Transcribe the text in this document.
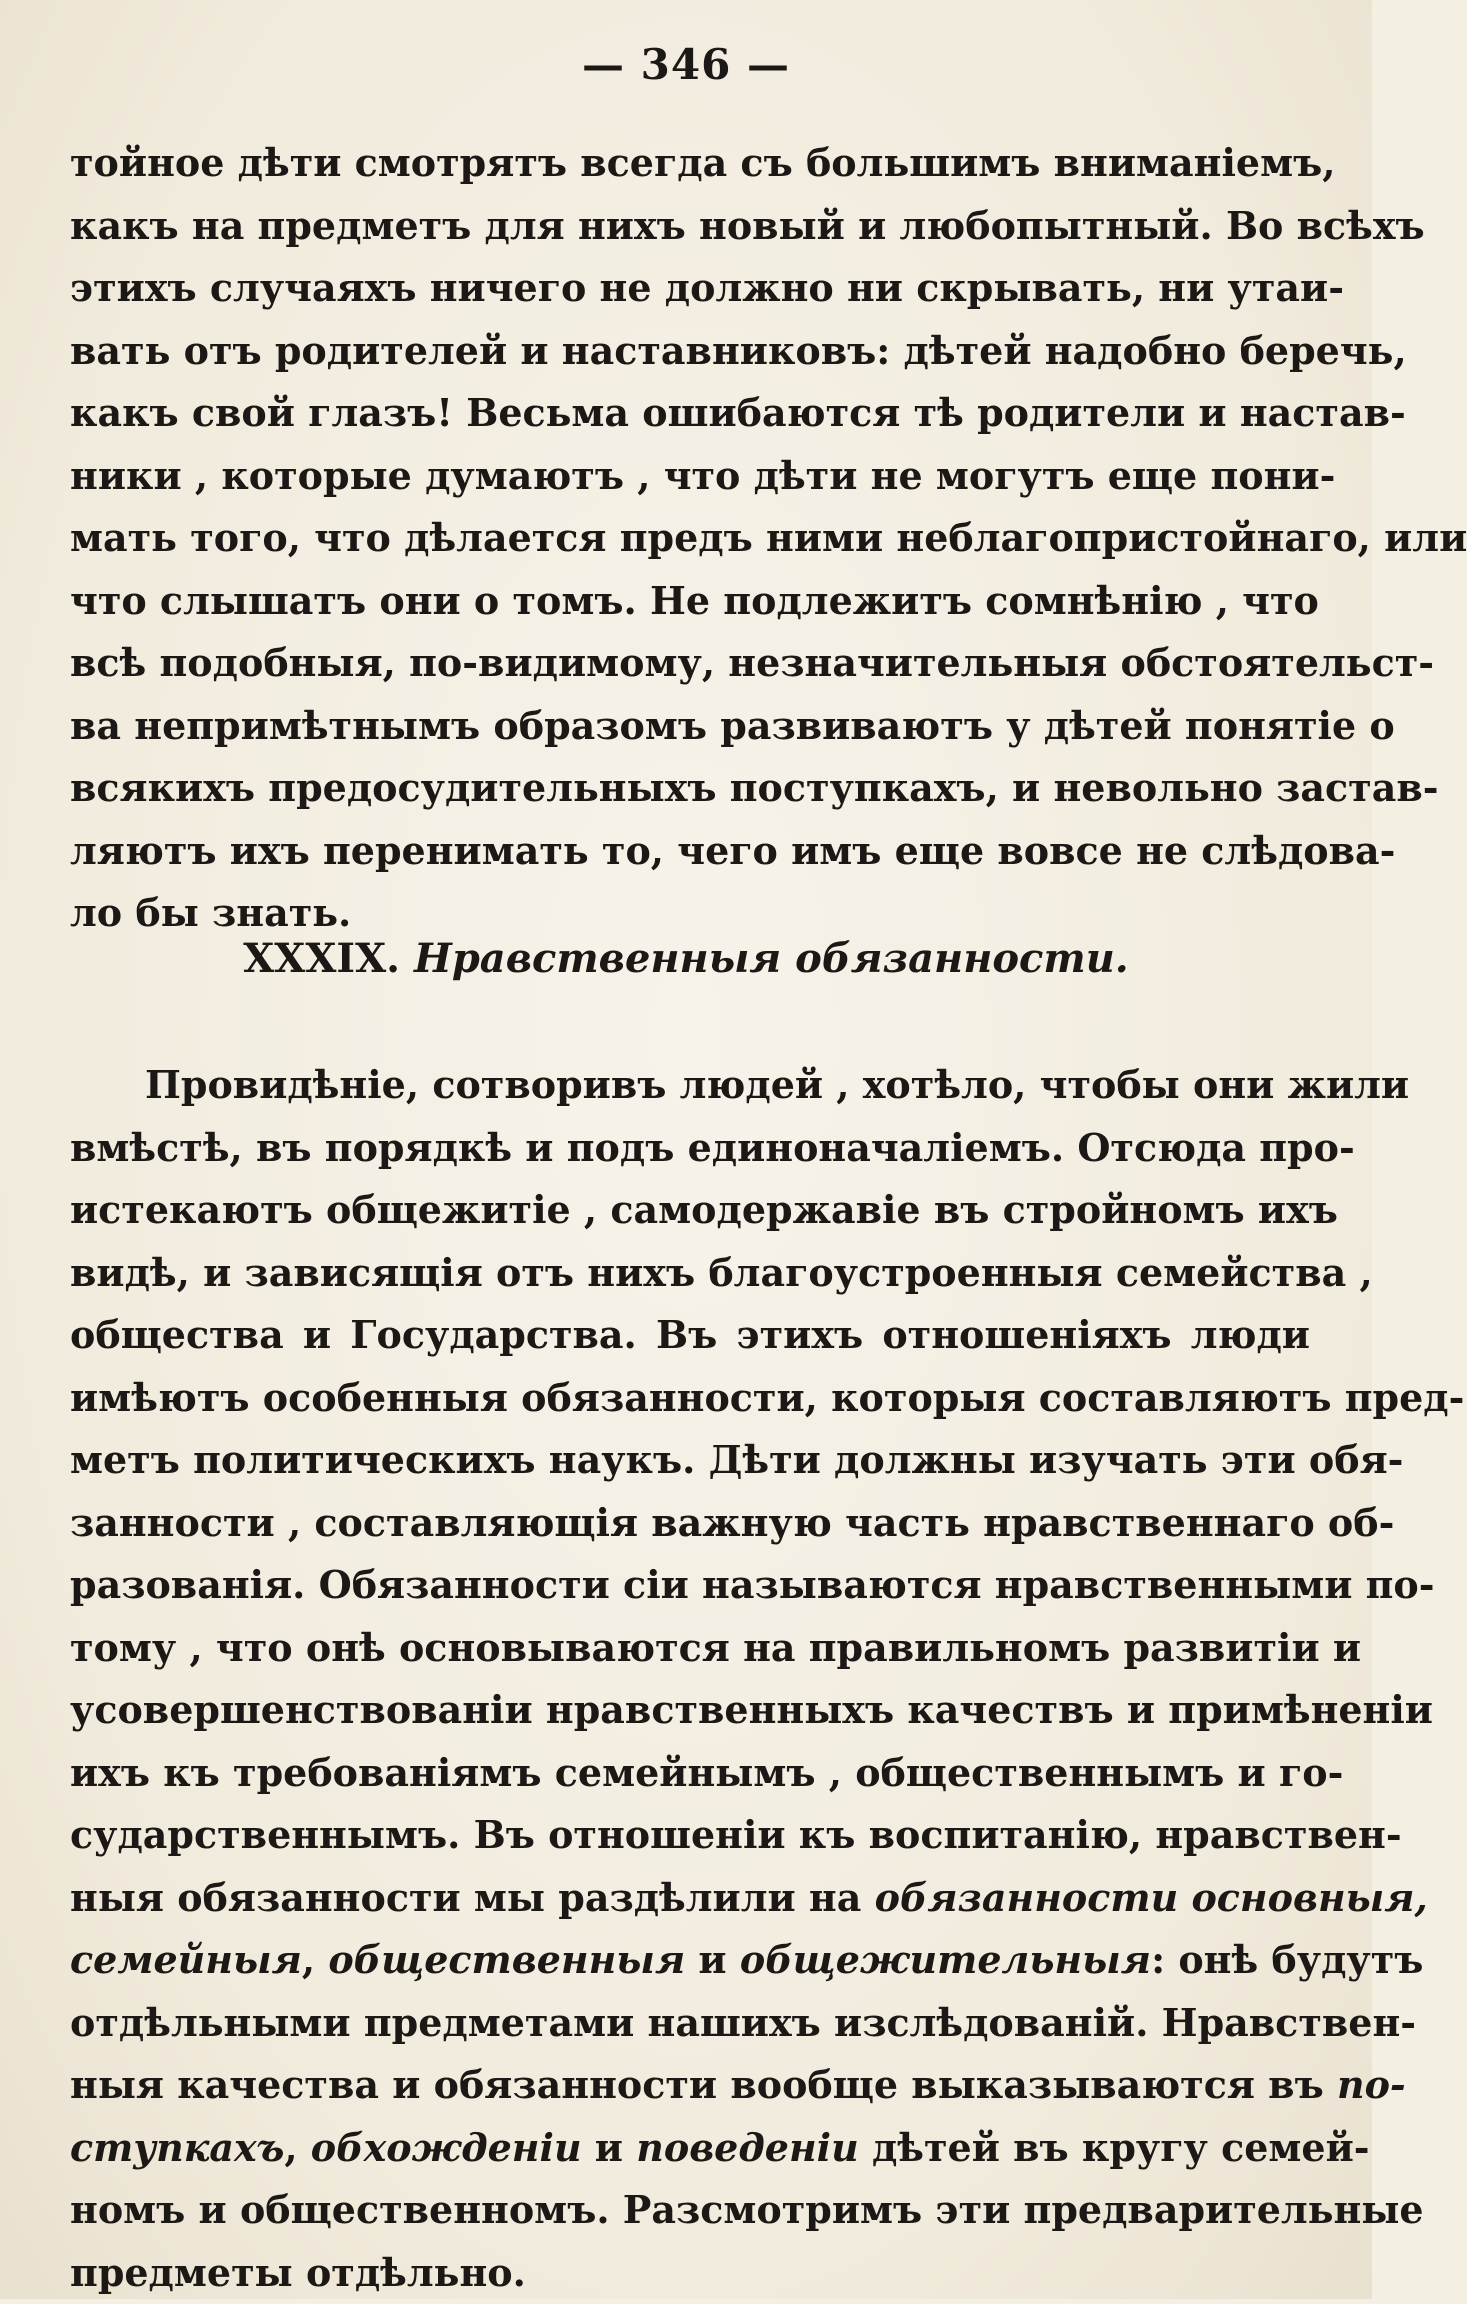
— 346 —
тойное дѣти смотрятъ всегда съ большимъ вниманіемъ,
какъ на предметъ для нихъ новый и любопытный. Во всѣхъ
этихъ случаяхъ ничего не должно ни скрывать, ни утаи-
вать отъ родителей и наставниковъ: дѣтей надобно беречь,
какъ свой глазъ! Весьма ошибаются тѣ родители и настав-
ники , которые думаютъ , что дѣти не могутъ еще пони-
мать того, что дѣлается предъ ними неблагопристойнаго, или
что слышатъ они о томъ. Не подлежитъ сомнѣнію , что
всѣ подобныя, по-видимому, незначительныя обстоятельст-
ва непримѣтнымъ образомъ развиваютъ у дѣтей понятіе о
всякихъ предосудительныхъ поступкахъ, и невольно застав-
ляютъ ихъ перенимать то, чего имъ еще вовсе не слѣдова-
ло бы знать.
XXXIX. Нравственныя обязанности.
Провидѣніе, сотворивъ людей , хотѣло, чтобы они жили
вмѣстѣ, въ порядкѣ и подъ единоначаліемъ. Отсюда про-
истекаютъ общежитіе , самодержавіе въ стройномъ ихъ
видѣ, и зависящія отъ нихъ благоустроенныя семейства ,
общества и Государства. Въ этихъ отношеніяхъ люди
имѣютъ особенныя обязанности, которыя составляютъ пред-
метъ политическихъ наукъ. Дѣти должны изучать эти обя-
занности , составляющія важную часть нравственнаго об-
разованія. Обязанности сіи называются нравственными по-
тому , что онѣ основываются на правильномъ развитіи и
усовершенствованіи нравственныхъ качествъ и примѣненіи
ихъ къ требованіямъ семейнымъ , общественнымъ и го-
сударственнымъ. Въ отношеніи къ воспитанію, нравствен-
ныя обязанности мы раздѣлили на обязанности основныя,
семейныя, общественныя и общежительныя: онѣ будутъ
отдѣльными предметами нашихъ изслѣдованій. Нравствен-
ныя качества и обязанности вообще выказываются въ по-
ступкахъ, обхожденіи и поведеніи дѣтей въ кругу семей-
номъ и общественномъ. Разсмотримъ эти предварительные
предметы отдѣльно.
